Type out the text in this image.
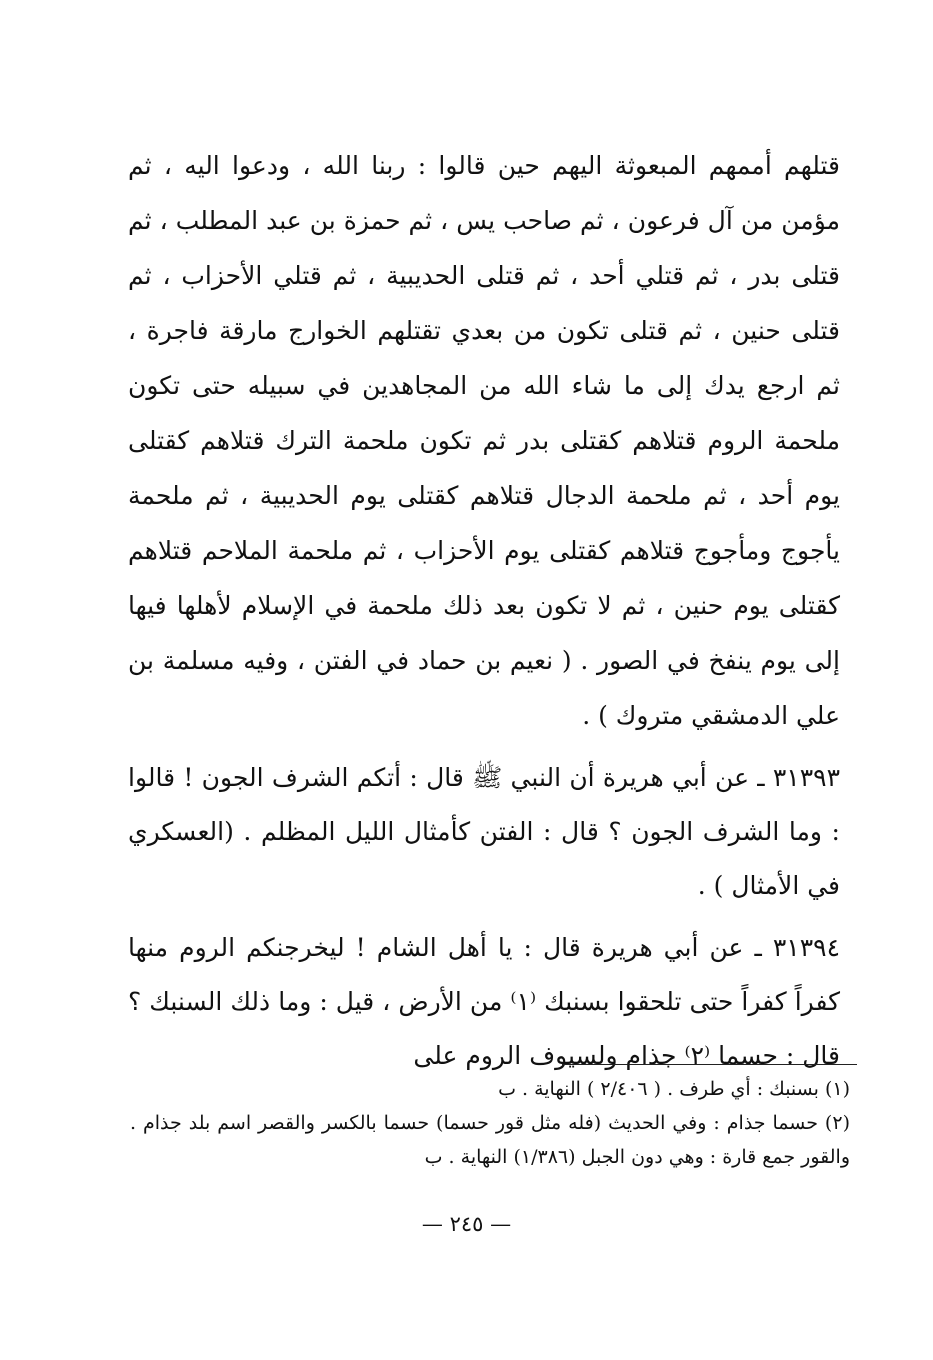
قتلهم أممهم المبعوثة اليهم حين قالوا : ربنا الله ، ودعوا اليه ، ثم مؤمن من آل فرعون ، ثم صاحب يس ، ثم حمزة بن عبد المطلب ، ثم قتلى بدر ، ثم قتلي أحد ، ثم قتلى الحديبية ، ثم قتلي الأحزاب ، ثم قتلى حنين ، ثم قتلى تكون من بعدي تقتلهم الخوارج مارقة فاجرة ، ثم ارجع يدك إلى ما شاء الله من المجاهدين في سبيله حتى تكون ملحمة الروم قتلاهم كقتلى بدر ثم تكون ملحمة الترك قتلاهم كقتلى يوم أحد ، ثم ملحمة الدجال قتلاهم كقتلى يوم الحديبية ، ثم ملحمة يأجوج ومأجوج قتلاهم كقتلى يوم الأحزاب ، ثم ملحمة الملاحم قتلاهم كقتلى يوم حنين ، ثم لا تكون بعد ذلك ملحمة في الإسلام لأهلها فيها إلى يوم ينفخ في الصور . ( نعيم بن حماد في الفتن ، وفيه مسلمة بن علي الدمشقي متروك ) .

٣١٣٩٣ ـ عن أبي هريرة أن النبي ﷺ قال : أتكم الشرف الجون ! قالوا : وما الشرف الجون ؟ قال : الفتن كأمثال الليل المظلم . (العسكري في الأمثال ) .

٣١٣٩٤ ـ عن أبي هريرة قال : يا أهل الشام ! ليخرجنكم الروم منها كفراً كفراً حتى تلحقوا بسنبك ⁽١⁾ من الأرض ، قيل : وما ذلك السنبك ؟ قال : حسما ⁽٢⁾ جذام ولسيوف الروم على

(١) بسنبك : أي طرف . ( ٢/٤٠٦ ) النهاية . ب

(٢) حسما جذام : وفي الحديث (فله مثل قور حسما) حسما بالكسر والقصر اسم بلد جذام . والقور جمع قارة : وهي دون الجبل (١/٣٨٦) النهاية . ب

— ٢٤٥ —
